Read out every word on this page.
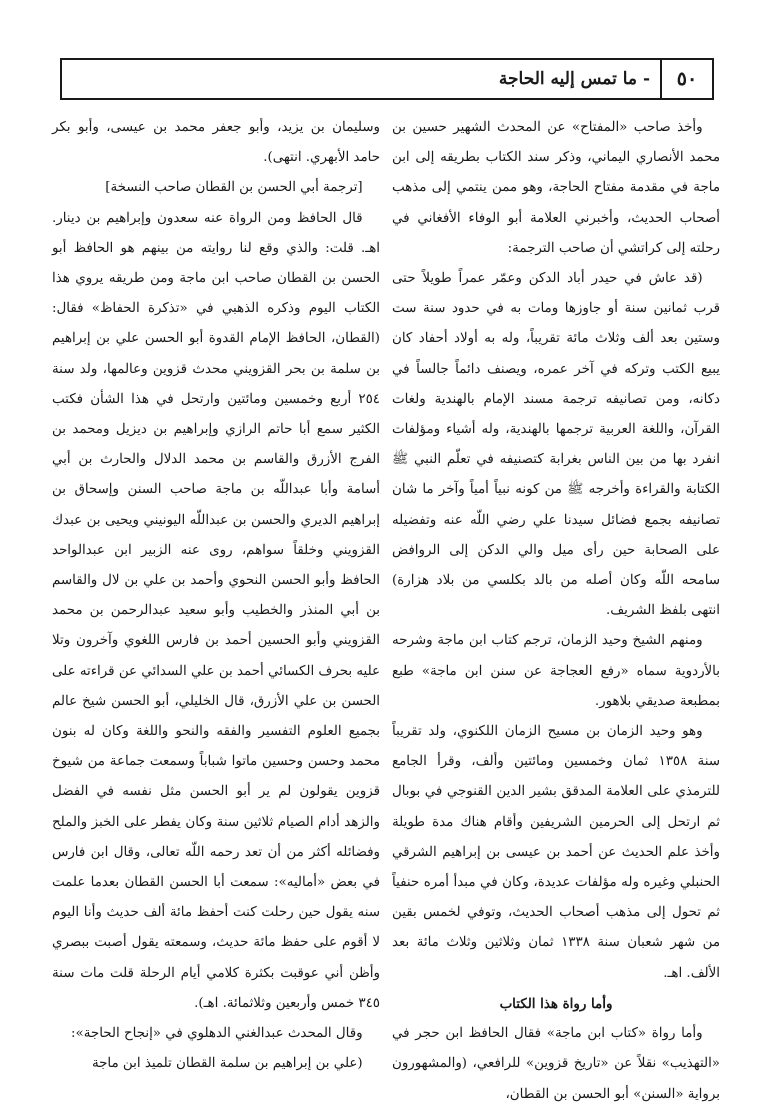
٥٠
- ما تمس إليه الحاجة

وأخذ صاحب «المفتاح» عن المحدث الشهير حسين بن محمد الأنصاري اليماني، وذكر سند الكتاب بطريقه إلى ابن ماجة في مقدمة مفتاح الحاجة، وهو ممن ينتمي إلى مذهب أصحاب الحديث، وأخبرني العلامة أبو الوفاء الأفغاني في رحلته إلى كراتشي أن صاحب الترجمة:

(قد عاش في حيدر أباد الدكن وعمّر عمراً طويلاً حتى قرب ثمانين سنة أو جاوزها ومات به في حدود سنة ست وستين بعد ألف وثلاث مائة تقريباً، وله به أولاد أحفاد كان يبيع الكتب وتركه في آخر عمره، ويصنف دائماً جالساً في دكانه، ومن تصانيفه ترجمة مسند الإمام بالهندية ولغات القرآن، واللغة العربية ترجمها بالهندية، وله أشياء ومؤلفات انفرد بها من بين الناس بغرابة كتصنيفه في تعلّم النبي ﷺ الكتابة والقراءة وأخرجه ﷺ من كونه نبياً أمياً وآخر ما شان تصانيفه بجمع فضائل سيدنا علي رضي اللّه عنه وتفضيله على الصحابة حين رأى ميل والي الدكن إلى الروافض سامحه اللّه وكان أصله من بالد بكلسي من بلاد هزارة) انتهى بلفظ الشريف.

ومنهم الشيخ وحيد الزمان، ترجم كتاب ابن ماجة وشرحه بالأردوية سماه «رفع العجاجة عن سنن ابن ماجة» طبع بمطبعة صديقي بلاهور.

وهو وحيد الزمان بن مسيح الزمان اللكنوي، ولد تقريباً سنة ١٣٥٨ ثمان وخمسين ومائتين وألف، وقرأ الجامع للترمذي على العلامة المدقق بشير الدين القنوجي في بوبال ثم ارتحل إلى الحرمين الشريفين وأقام هناك مدة طويلة وأخذ علم الحديث عن أحمد بن عيسى بن إبراهيم الشرقي الحنبلي وغيره وله مؤلفات عديدة، وكان في مبدأ أمره حنفياً ثم تحول إلى مذهب أصحاب الحديث، وتوفي لخمس بقين من شهر شعبان سنة ١٣٣٨ ثمان وثلاثين وثلاث مائة بعد الألف. اهـ.

وأما رواة هذا الكتاب

وأما رواة «كتاب ابن ماجة» فقال الحافظ ابن حجر في «التهذيب» نقلاً عن «تاريخ قزوين» للرافعي، (والمشهورون برواية «السنن» أبو الحسن بن القطان،

وسليمان بن يزيد، وأبو جعفر محمد بن عيسى، وأبو بكر حامد الأبهري. انتهى).

[ترجمة أبي الحسن بن القطان صاحب النسخة]

قال الحافظ ومن الرواة عنه سعدون وإبراهيم بن دينار. اهـ. قلت: والذي وقع لنا روايته من بينهم هو الحافظ أبو الحسن بن القطان صاحب ابن ماجة ومن طريقه يروي هذا الكتاب اليوم وذكره الذهبي في «تذكرة الحفاظ» فقال: (القطان، الحافظ الإمام القدوة أبو الحسن علي بن إبراهيم بن سلمة بن بحر القزويني محدث قزوين وعالمها، ولد سنة ٢٥٤ أربع وخمسين ومائتين وارتحل في هذا الشأن فكتب الكثير سمع أبا حاتم الرازي وإبراهيم بن ديزيل ومحمد بن الفرج الأزرق والقاسم بن محمد الدلال والحارث بن أبي أسامة وأبا عبداللّه بن ماجة صاحب السنن وإسحاق بن إبراهيم الديري والحسن بن عبداللّه اليونيني ويحيى بن عبدك القزويني وخلقاً سواهم، روى عنه الزبير ابن عبدالواحد الحافظ وأبو الحسن النحوي وأحمد بن علي بن لال والقاسم بن أبي المنذر والخطيب وأبو سعيد عبدالرحمن بن محمد القزويني وأبو الحسين أحمد بن فارس اللغوي وآخرون وتلا عليه بحرف الكسائي أحمد بن علي السدائي عن قراءته على الحسن بن علي الأزرق، قال الخليلي، أبو الحسن شيخ عالم بجميع العلوم التفسير والفقه والنحو واللغة وكان له بنون محمد وحسن وحسين ماتوا شباباً وسمعت جماعة من شيوخ قزوين يقولون لم ير أبو الحسن مثل نفسه في الفضل والزهد أدام الصيام ثلاثين سنة وكان يفطر على الخبز والملح وفضائله أكثر من أن تعد رحمه اللّه تعالى، وقال ابن فارس في بعض «أماليه»: سمعت أبا الحسن القطان بعدما علمت سنه يقول حين رحلت كنت أحفظ مائة ألف حديث وأنا اليوم لا أقوم على حفظ مائة حديث، وسمعته يقول أصبت ببصري وأظن أني عوقبت بكثرة كلامي أيام الرحلة قلت مات سنة ٣٤٥ خمس وأربعين وثلاثمائة. اهـ).

وقال المحدث عبدالغني الدهلوي في «إنجاح الحاجة»:

(علي بن إبراهيم بن سلمة القطان تلميذ ابن ماجة
